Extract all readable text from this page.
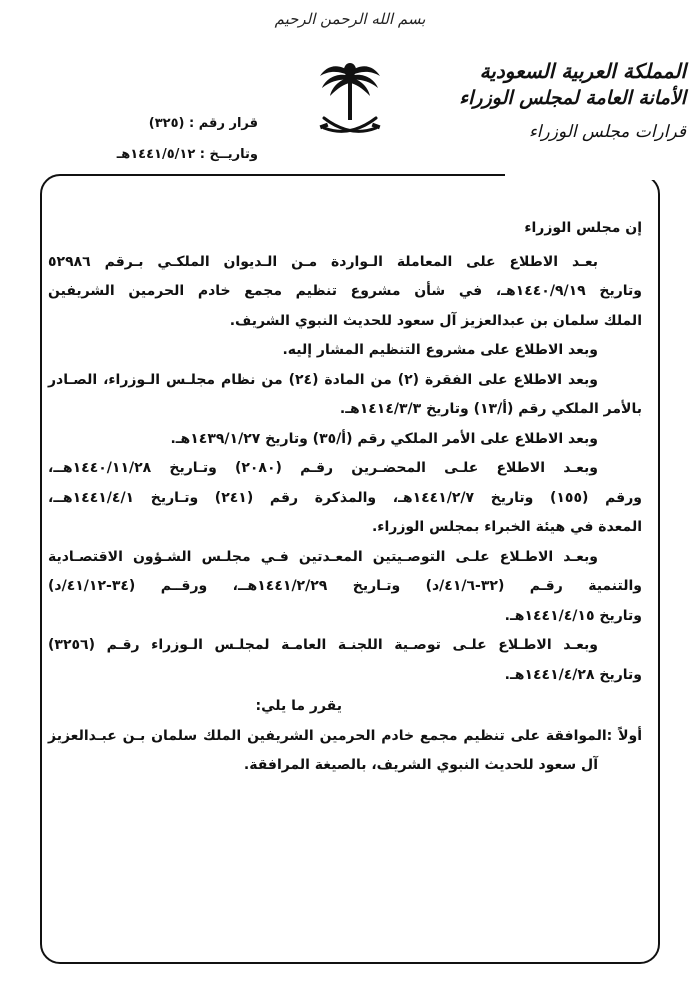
بسم الله الرحمن الرحيم
المملكة العربية السعودية
الأمانة العامة لمجلس الوزراء
قرارات مجلس الوزراء
قرار رقم : (٣٢٥)
وتاريــخ : ١٤٤١/٥/١٢هـ

إن مجلس الوزراء

بعـد الاطلاع على المعاملة الـواردة مـن الـديوان الملكـي بـرقم ٥٢٩٨٦

وتاريخ ١٤٤٠/٩/١٩هـ، في شأن مشروع تنظيم مجمع خادم الحرمين الشريفين

الملك سلمان بن عبدالعزيز آل سعود للحديث النبوي الشريف.

وبعد الاطلاع على مشروع التنظيم المشار إليه.

وبعد الاطلاع على الفقرة (٢) من المادة (٢٤) من نظام مجلـس الـوزراء، الصـادر

بالأمر الملكي رقم (أ/١٣) وتاريخ ١٤١٤/٣/٣هـ.

وبعد الاطلاع على الأمر الملكي رقم (أ/٣٥) وتاريخ ١٤٣٩/١/٢٧هـ.

وبعـد الاطلاع علـى المحضـرين رقـم (٢٠٨٠) وتـاريخ ١٤٤٠/١١/٢٨هــ،

ورقم (١٥٥) وتاريخ ١٤٤١/٢/٧هـ، والمذكرة رقم (٢٤١) وتـاريخ ١٤٤١/٤/١هــ،

المعدة في هيئة الخبراء بمجلس الوزراء.

وبعـد الاطـلاع علـى التوصـيتين المعـدتين فـي مجلـس الشـؤون الاقتصـادية

والتنمية رقـم (٣٢-٤١/٦/د) وتـاريخ ١٤٤١/٢/٢٩هــ، ورقــم (٣٤-٤١/١٢/د)

وتاريخ ١٤٤١/٤/١٥هـ.

وبعـد الاطـلاع علـى توصـية اللجنـة العامـة لمجلـس الـوزراء رقـم (٣٢٥٦)

وتاريخ ١٤٤١/٤/٢٨هـ.

يقرر ما يلي:

أولاً :الموافقة على تنظيم مجمع خادم الحرمين الشريفين الملك سلمان بـن عبـدالعزيز

آل سعود للحديث النبوي الشريف، بالصيغة المرافقة.
